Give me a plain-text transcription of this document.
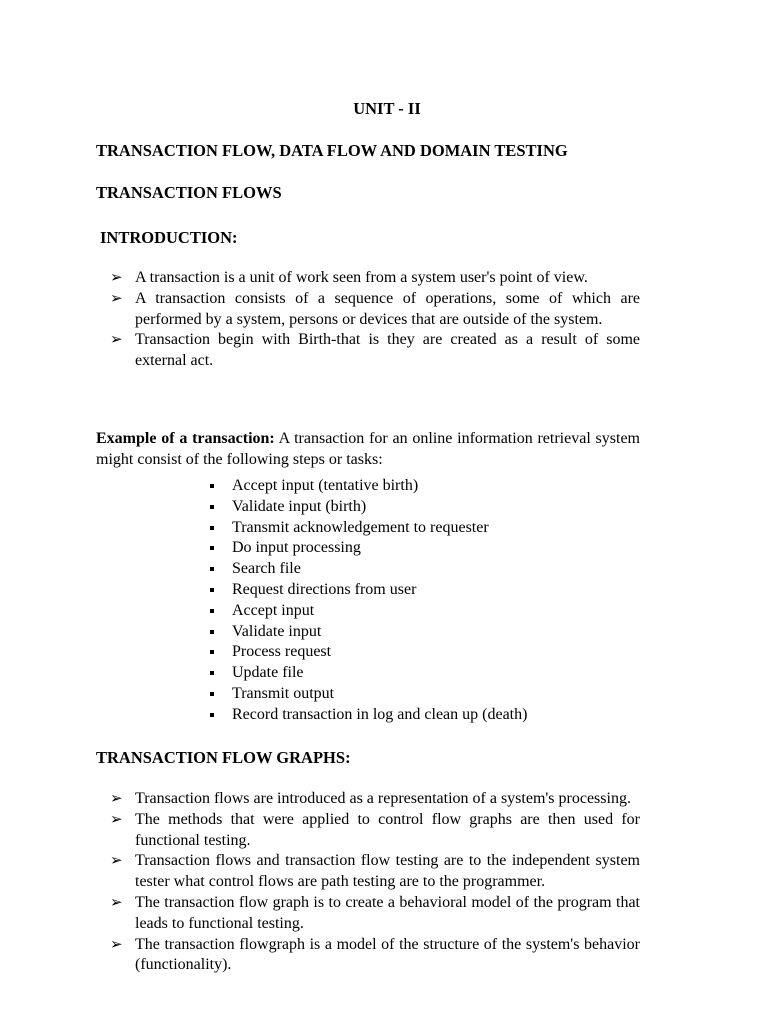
UNIT - II
TRANSACTION FLOW, DATA FLOW AND DOMAIN TESTING
TRANSACTION FLOWS
INTRODUCTION:
➢ A transaction is a unit of work seen from a system user's point of view.
➢ A transaction consists of a sequence of operations, some of which are performed by a system, persons or devices that are outside of the system.
➢ Transaction begin with Birth-that is they are created as a result of some external act.

Example of a transaction: A transaction for an online information retrieval system might consist of the following steps or tasks:

Accept input (tentative birth)
Validate input (birth)
Transmit acknowledgement to requester
Do input processing
Search file
Request directions from user
Accept input
Validate input
Process request
Update file
Transmit output
Record transaction in log and clean up (death)
TRANSACTION FLOW GRAPHS:
➢ Transaction flows are introduced as a representation of a system's processing.
➢ The methods that were applied to control flow graphs are then used for functional testing.
➢ Transaction flows and transaction flow testing are to the independent system tester what control flows are path testing are to the programmer.
➢ The transaction flow graph is to create a behavioral model of the program that leads to functional testing.
➢ The transaction flowgraph is a model of the structure of the system's behavior (functionality).
